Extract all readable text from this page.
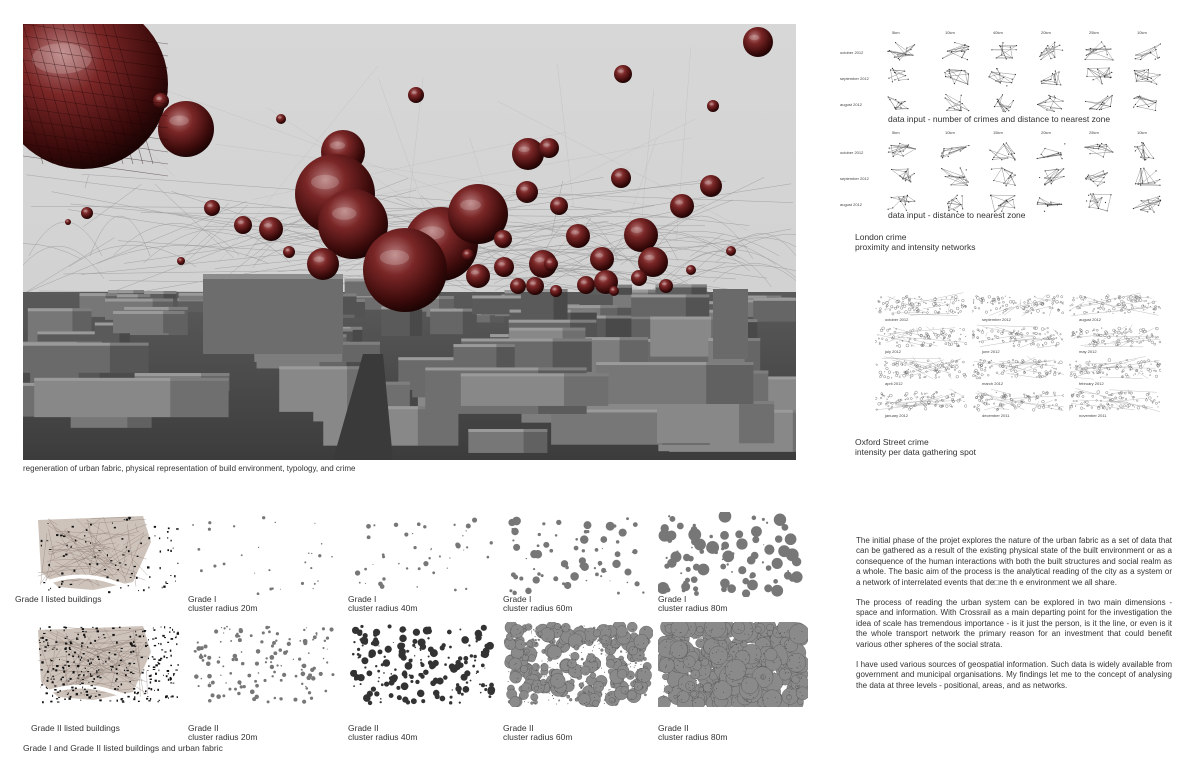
regeneration of urban fabric, physical representation of build environment, typology, and crime
5km	10km	40km	20km	25km	10km
october 2012
september 2012
august 2012
data input - number of crimes and distance to nearest zone
5km	10km	15km	20km	25km	10km
october 2012
september 2012
august 2012
data input - distance to nearest zone
London crime
proximity and intensity networks
october 2012	september 2012	august 2012
july 2012	june 2012	may 2012
april 2012	march 2012	february 2012
january 2012	december 2011	november 2011
Oxford Street crime
intensity per data gathering spot
Grade I listed buildings	Grade I
cluster radius 20m
Grade I
cluster radius 40m
Grade I
cluster radius 60m
Grade I
cluster radius 80m
Grade II listed buildings	Grade II
cluster radius 20m
Grade II
cluster radius 40m
Grade II
cluster radius 60m
Grade II
cluster radius 80m
Grade I and Grade II listed buildings and urban fabric

The initial phase of the projet explores the nature of the urban fabric as a set of data that can be gathered as a result of the existing physical state of the built environment or as a consequence of the human interactions with both the built structures and social realm as a whole. The basic aim of the process is the analytical reading of the city as a system or a network of interrelated events that de□ne th e environment we all share.

The process of reading the urban system can be explored in two main dimensions - space and information. With Crossrail as a main departing point for the investigation the idea of scale has tremendous importance - is it just the person, is it the line, or even is it the whole transport network the primary reason for an investment that could benefit various other spheres of the social strata.

I have used various sources of geospatial information. Such data is widely available from government and municipal organisations. My findings let me to the concept of analysing the data at three levels - positional, areas, and as networks.
